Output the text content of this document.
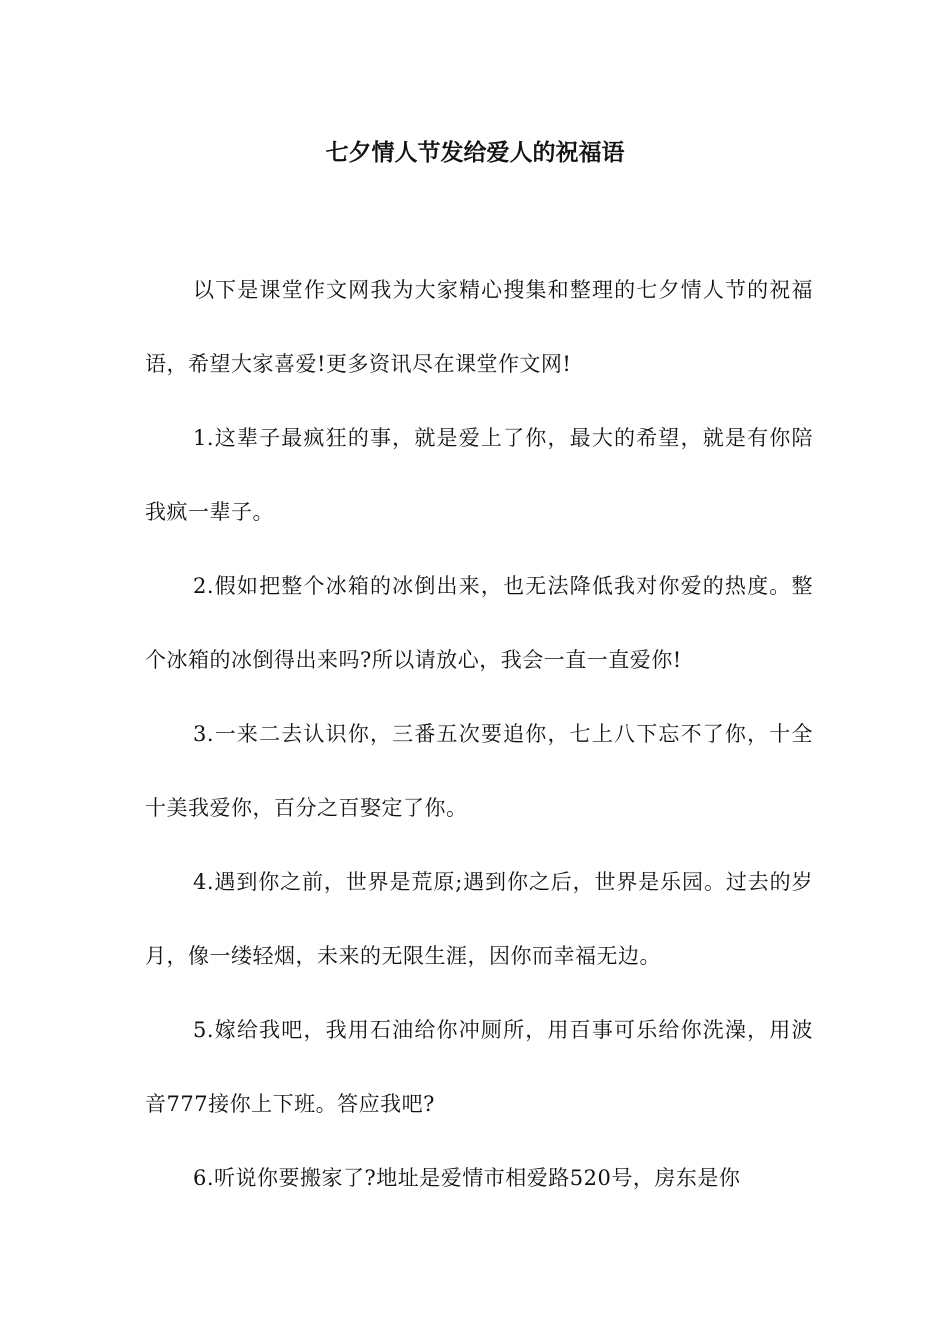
七夕情人节发给爱人的祝福语

以下是课堂作文网我为大家精心搜集和整理的七夕情人节的祝福语，希望大家喜爱!更多资讯尽在课堂作文网!

1.这辈子最疯狂的事，就是爱上了你，最大的希望，就是有你陪我疯一辈子。

2.假如把整个冰箱的冰倒出来，也无法降低我对你爱的热度。整个冰箱的冰倒得出来吗?所以请放心，我会一直一直爱你!

3.一来二去认识你，三番五次要追你，七上八下忘不了你，十全十美我爱你，百分之百娶定了你。

4.遇到你之前，世界是荒原;遇到你之后，世界是乐园。过去的岁月，像一缕轻烟，未来的无限生涯，因你而幸福无边。

5.嫁给我吧，我用石油给你冲厕所，用百事可乐给你洗澡，用波音777接你上下班。答应我吧?

6.听说你要搬家了?地址是爱情市相爱路520号，房东是你
